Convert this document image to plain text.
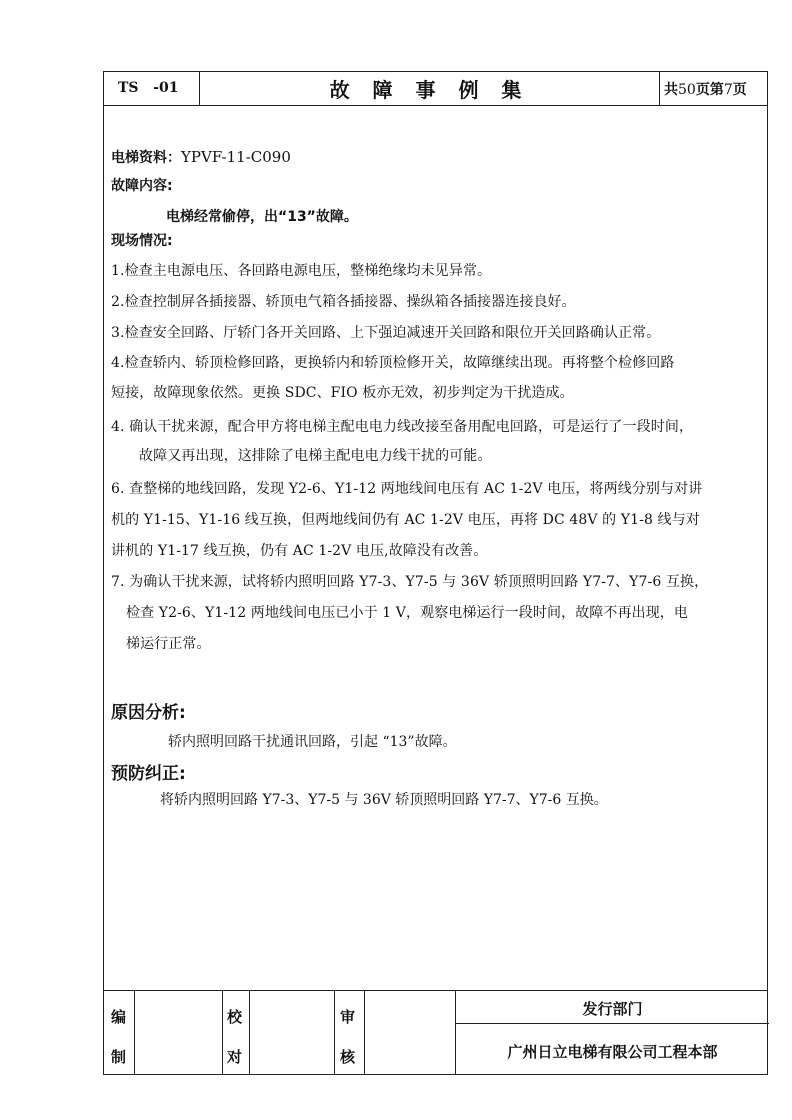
TS   -01	故 障 事 例 集	共50页第7页
电梯资料：YPVF-11-C090
故障内容:
电梯经常偷停，出“13”故障。
现场情况:
1.检查主电源电压、各回路电源电压，整梯绝缘均未见异常。
2.检查控制屏各插接器、轿顶电气箱各插接器、操纵箱各插接器连接良好。
3.检查安全回路、厅轿门各开关回路、上下强迫减速开关回路和限位开关回路确认正常。
4.检查轿内、轿顶检修回路，更换轿内和轿顶检修开关，故障继续出现。再将整个检修回路
短接，故障现象依然。更换 SDC、FIO 板亦无效，初步判定为干扰造成。
4. 确认干扰来源，配合甲方将电梯主配电电力线改接至备用配电回路，可是运行了一段时间，
故障又再出现，这排除了电梯主配电电力线干扰的可能。
6. 查整梯的地线回路，发现 Y2-6、Y1-12 两地线间电压有 AC 1-2V 电压，将两线分别与对讲
机的 Y1-15、Y1-16 线互换，但两地线间仍有 AC 1-2V 电压，再将 DC 48V 的 Y1-8 线与对
讲机的 Y1-17 线互换，仍有 AC 1-2V 电压,故障没有改善。
7. 为确认干扰来源，试将轿内照明回路 Y7-3、Y7-5 与 36V 轿顶照明回路 Y7-7、Y7-6 互换，
检查 Y2-6、Y1-12 两地线间电压已小于 1 V，观察电梯运行一段时间，故障不再出现，电
梯运行正常。
原因分析:
轿内照明回路干扰通讯回路，引起 “13”故障。
预防纠正:
将轿内照明回路 Y7-3、Y7-5 与 36V 轿顶照明回路 Y7-7、Y7-6 互换。
编
制
校
对
审
核
发行部门
广州日立电梯有限公司工程本部
